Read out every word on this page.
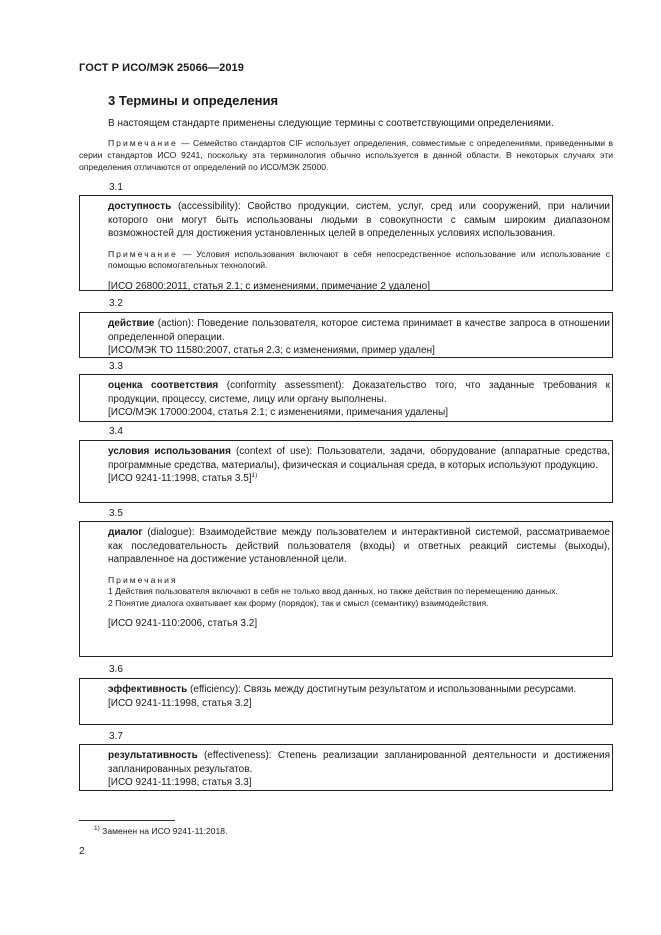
ГОСТ Р ИСО/МЭК 25066—2019
3 Термины и определения
В настоящем стандарте применены следующие термины с соответствующими определениями.
Примечание — Семейство стандартов CIF использует определения, совместимые с определениями, приведенными в серии стандартов ИСО 9241, поскольку эта терминология обычно используется в данной области. В некоторых случаях эти определения отличаются от определений по ИСО/МЭК 25000.
3.1

доступность (accessibility): Свойство продукции, систем, услуг, сред или сооружений, при наличии которого они могут быть использованы людьми в совокупности с самым широким диапазоном возможностей для достижения установленных целей в определенных условиях использования.

Примечание — Условия использования включают в себя непосредственное использование или использование с помощью вспомогательных технологий.

[ИСО 26800:2011, статья 2.1; с изменениями, примечание 2 удалено]

3.2

действие (action): Поведение пользователя, которое система принимает в качестве запроса в отношении определенной операции.

[ИСО/МЭК ТО 11580:2007, статья 2.3; с изменениями, пример удален]

3.3

оценка соответствия (conformity assessment): Доказательство того, что заданные требования к продукции, процессу, системе, лицу или органу выполнены.

[ИСО/МЭК 17000:2004, статья 2.1; с изменениями, примечания удалены]

3.4

условия использования (context of use): Пользователи, задачи, оборудование (аппаратные средства, программные средства, материалы), физическая и социальная среда, в которых используют продукцию.

[ИСО 9241-11:1998, статья 3.5]$^{1)}$

3.5

диалог (dialogue): Взаимодействие между пользователем и интерактивной системой, рассматриваемое как последовательность действий пользователя (входы) и ответных реакций системы (выходы), направленное на достижение установленной цели.

Примечания

1 Действия пользователя включают в себя не только ввод данных, но также действия по перемещению данных.

2 Понятие диалога охватывает как форму (порядок), так и смысл (семантику) взаимодействия.

[ИСО 9241-110:2006, статья 3.2]

3.6

эффективность (efficiency): Связь между достигнутым результатом и использованными ресурсами.

[ИСО 9241-11:1998, статья 3.2]

3.7

результативность (effectiveness): Степень реализации запланированной деятельности и достижения запланированных результатов.

[ИСО 9241-11:1998, статья 3.3]

$^{1)}$ Заменен на ИСО 9241-11:2018.
2
